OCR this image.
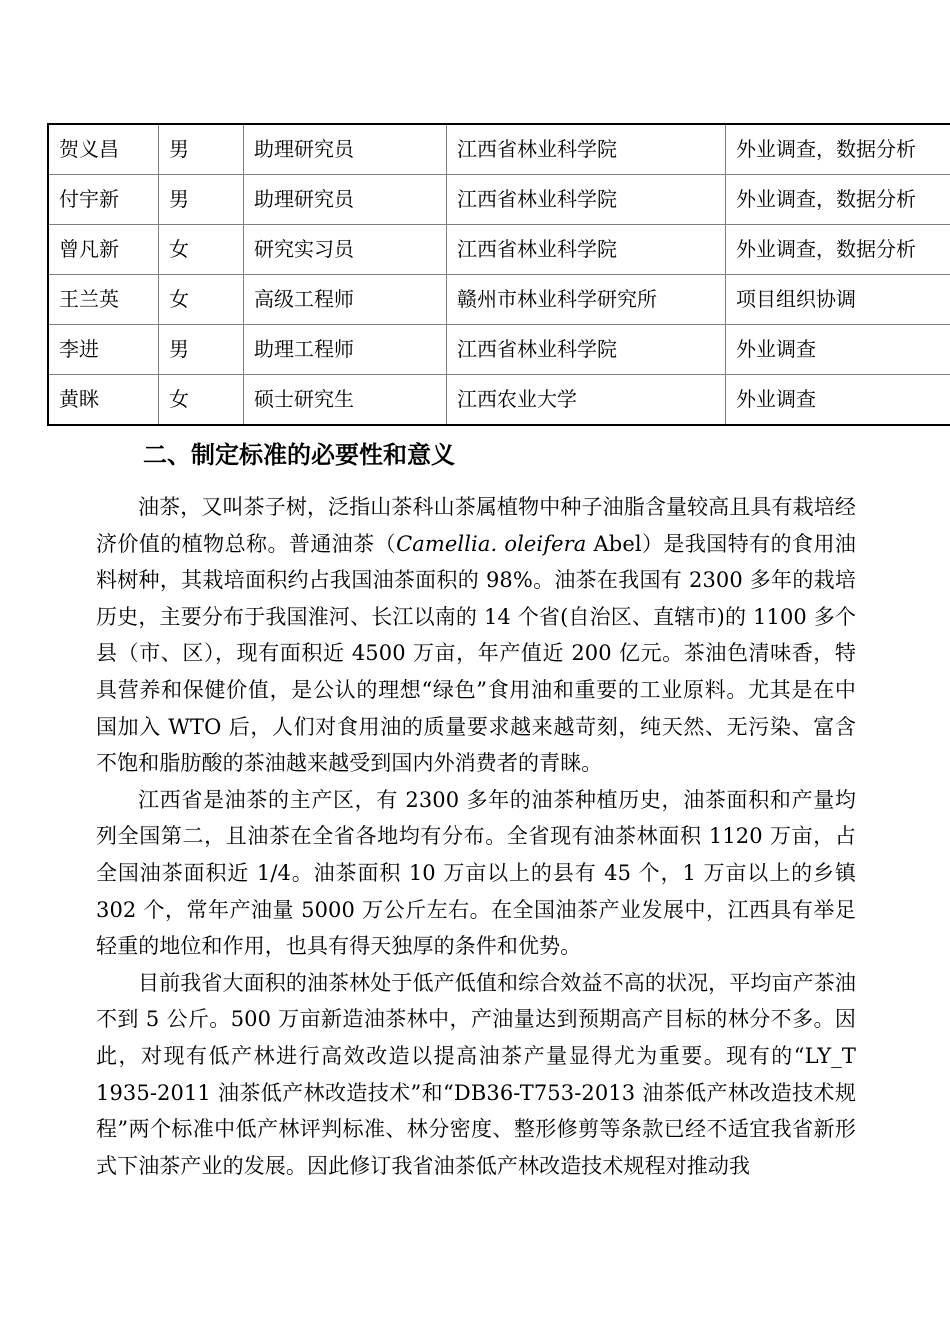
贺义昌	男	助理研究员	江西省林业科学院	外业调查，数据分析
付宇新	男	助理研究员	江西省林业科学院	外业调查，数据分析
曾凡新	女	研究实习员	江西省林业科学院	外业调查，数据分析
王兰英	女	高级工程师	赣州市林业科学研究所	项目组织协调
李进	男	助理工程师	江西省林业科学院	外业调查
黄眯	女	硕士研究生	江西农业大学	外业调查
二、制定标准的必要性和意义

油茶，又叫茶子树，泛指山茶科山茶属植物中种子油脂含量较高且具有栽培经济价值的植物总称。普通油茶（Camellia. oleifera Abel）是我国特有的食用油料树种，其栽培面积约占我国油茶面积的 98%。油茶在我国有 2300 多年的栽培历史，主要分布于我国淮河、长江以南的 14 个省(自治区、直辖市)的 1100 多个县（市、区），现有面积近 4500 万亩，年产值近 200 亿元。茶油色清味香，特具营养和保健价值，是公认的理想“绿色”食用油和重要的工业原料。尤其是在中国加入 WTO 后，人们对食用油的质量要求越来越苛刻，纯天然、无污染、富含不饱和脂肪酸的茶油越来越受到国内外消费者的青睐。

江西省是油茶的主产区，有 2300 多年的油茶种植历史，油茶面积和产量均列全国第二，且油茶在全省各地均有分布。全省现有油茶林面积 1120 万亩，占全国油茶面积近 1/4。油茶面积 10 万亩以上的县有 45 个，1 万亩以上的乡镇 302 个，常年产油量 5000 万公斤左右。在全国油茶产业发展中，江西具有举足轻重的地位和作用，也具有得天独厚的条件和优势。

目前我省大面积的油茶林处于低产低值和综合效益不高的状况，平均亩产茶油不到 5 公斤。500 万亩新造油茶林中，产油量达到预期高产目标的林分不多。因此，对现有低产林进行高效改造以提高油茶产量显得尤为重要。现有的“LY_T 1935-2011 油茶低产林改造技术”和“DB36-T753-2013 油茶低产林改造技术规程”两个标准中低产林评判标准、林分密度、整形修剪等条款已经不适宜我省新形式下油茶产业的发展。因此修订我省油茶低产林改造技术规程对推动我
